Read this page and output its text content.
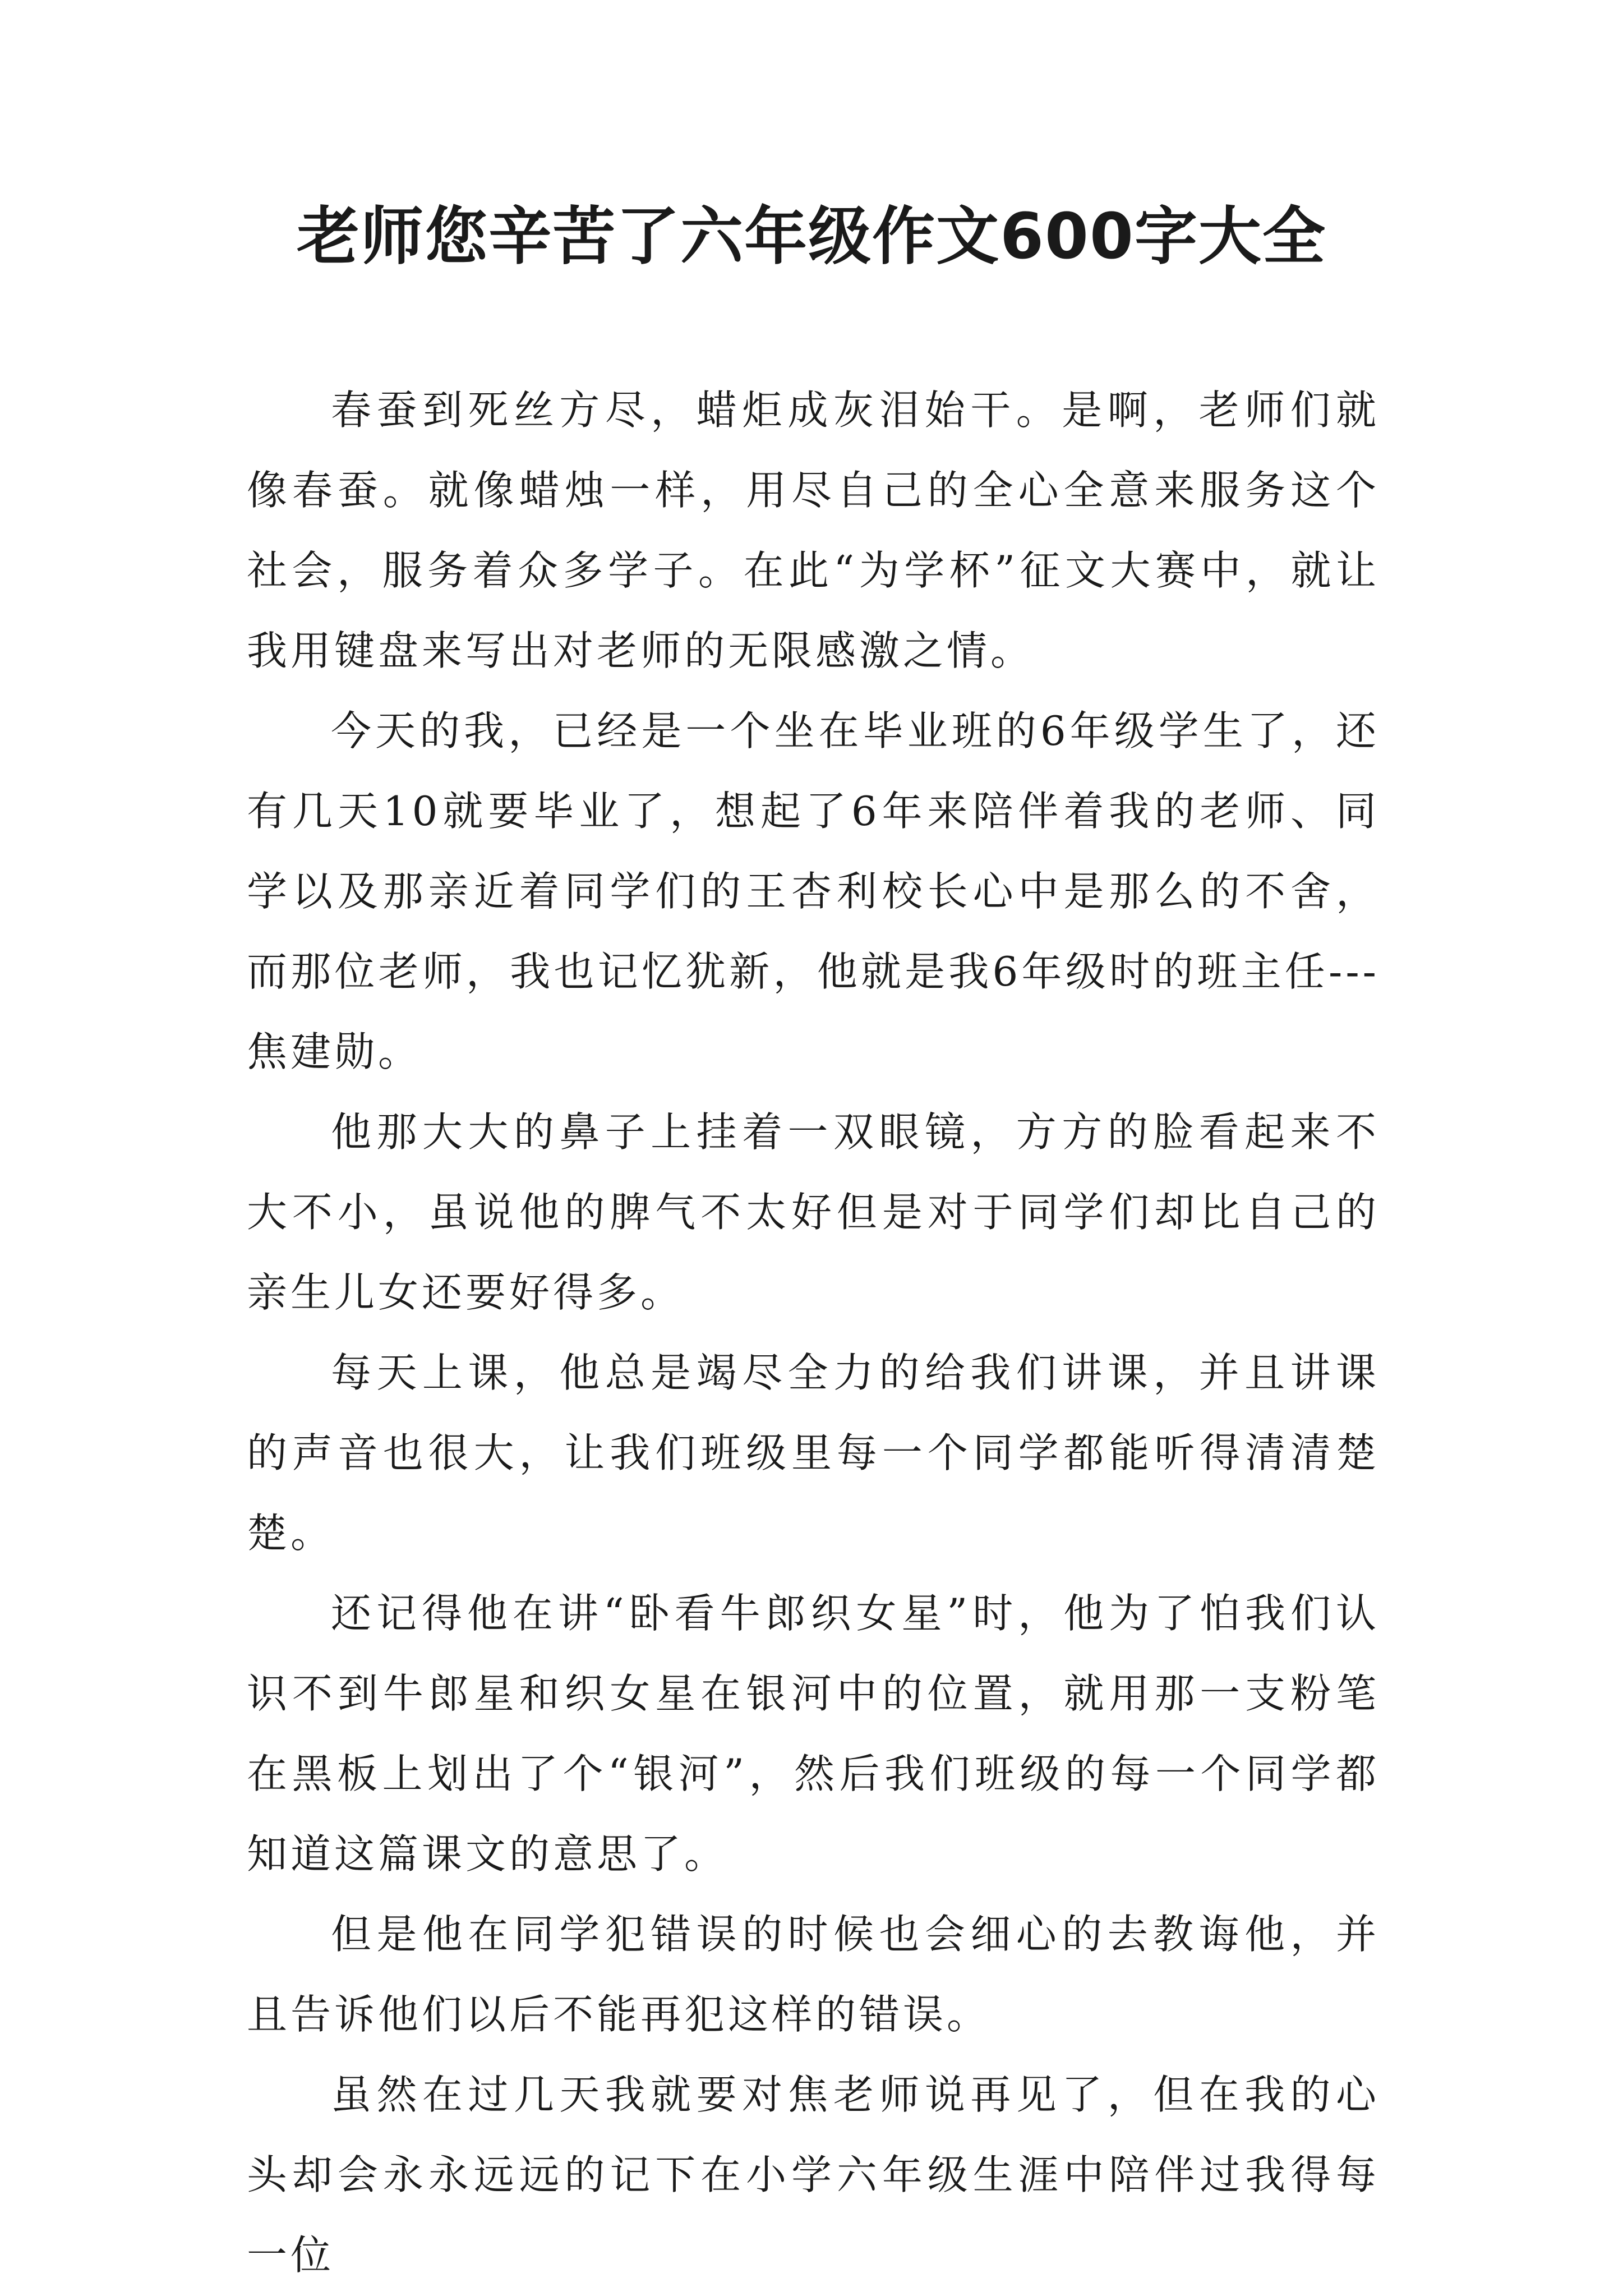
老师您辛苦了六年级作文600字大全

春蚕到死丝方尽，蜡炬成灰泪始干。是啊，老师们就像春蚕。就像蜡烛一样，用尽自己的全心全意来服务这个社会，服务着众多学子。在此“为学杯”征文大赛中，就让我用键盘来写出对老师的无限感激之情。

今天的我，已经是一个坐在毕业班的6年级学生了，还有几天10就要毕业了，想起了6年来陪伴着我的老师、同学以及那亲近着同学们的王杏利校长心中是那么的不舍，而那位老师，我也记忆犹新，他就是我6年级时的班主任---焦建勋。

他那大大的鼻子上挂着一双眼镜，方方的脸看起来不大不小，虽说他的脾气不太好但是对于同学们却比自己的亲生儿女还要好得多。

每天上课，他总是竭尽全力的给我们讲课，并且讲课的声音也很大，让我们班级里每一个同学都能听得清清楚楚。

还记得他在讲“卧看牛郎织女星”时，他为了怕我们认识不到牛郎星和织女星在银河中的位置，就用那一支粉笔在黑板上划出了个“银河”，然后我们班级的每一个同学都知道这篇课文的意思了。

但是他在同学犯错误的时候也会细心的去教诲他，并且告诉他们以后不能再犯这样的错误。

虽然在过几天我就要对焦老师说再见了，但在我的心头却会永永远远的记下在小学六年级生涯中陪伴过我得每一位
